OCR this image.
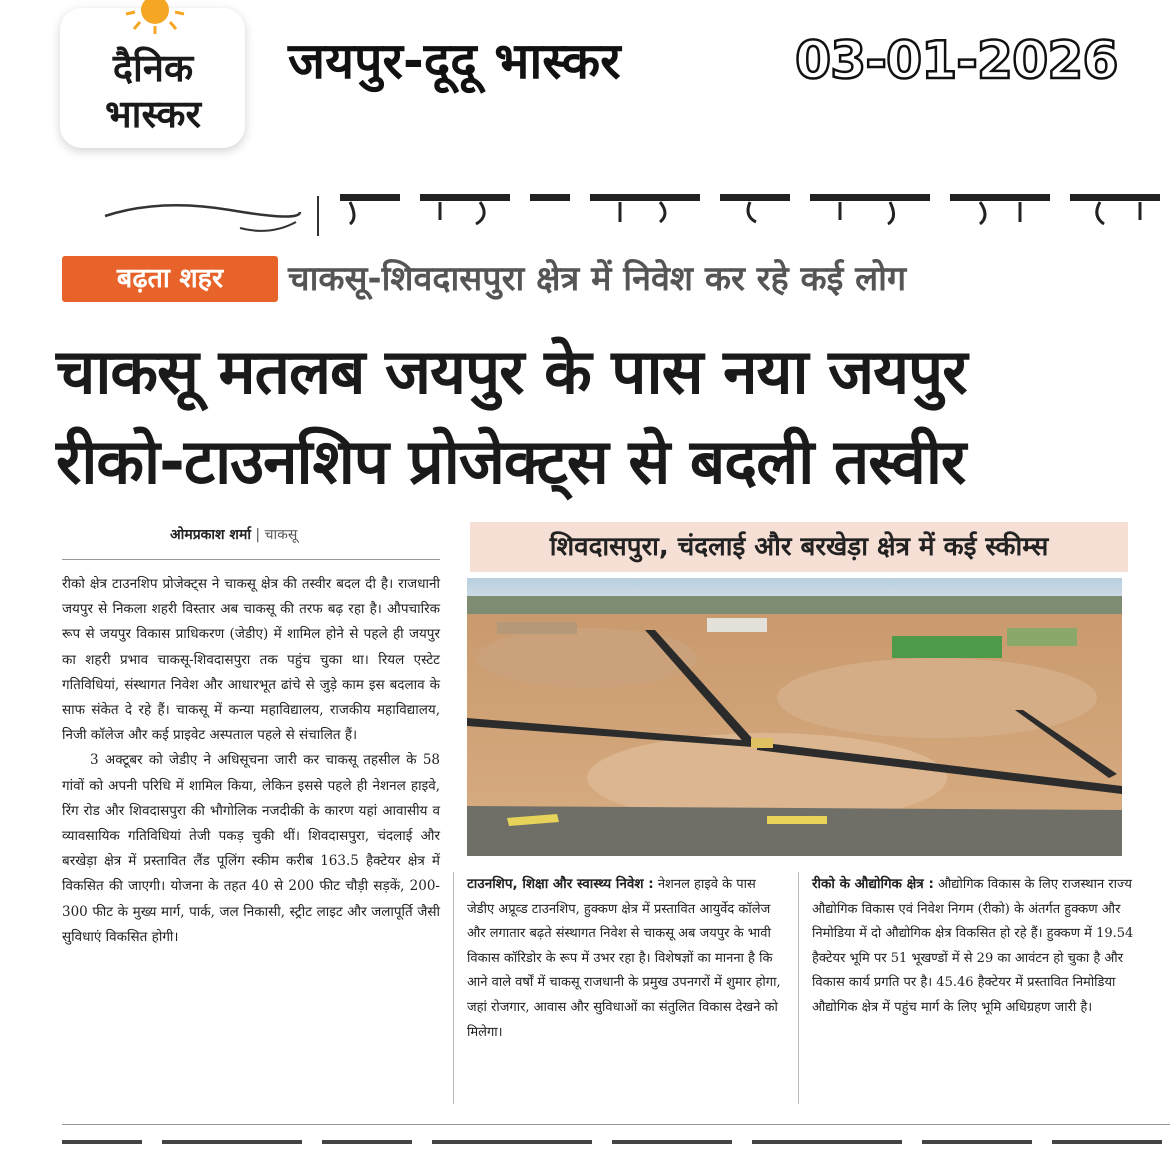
दैनिक
भास्कर
जयपुर-दूदू भास्कर	03-01-2026
बढ़ता शहर	चाकसू-शिवदासपुरा क्षेत्र में निवेश कर रहे कई लोग
चाकसू मतलब जयपुर के पास नया जयपुर
रीको-टाउनशिप प्रोजेक्ट्स से बदली तस्वीर
ओमप्रकाश शर्मा | चाकसू	शिवदासपुरा, चंदलाई और बरखेड़ा क्षेत्र में कई स्कीम्स

रीको क्षेत्र टाउनशिप प्रोजेक्ट्स ने चाकसू क्षेत्र की तस्वीर बदल दी है। राजधानी जयपुर से निकला शहरी विस्तार अब चाकसू की तरफ बढ़ रहा है। औपचारिक रूप से जयपुर विकास प्राधिकरण (जेडीए) में शामिल होने से पहले ही जयपुर का शहरी प्रभाव चाकसू-शिवदासपुरा तक पहुंच चुका था। रियल एस्टेट गतिविधियां, संस्थागत निवेश और आधारभूत ढांचे से जुड़े काम इस बदलाव के साफ संकेत दे रहे हैं। चाकसू में कन्या महाविद्यालय, राजकीय महाविद्यालय, निजी कॉलेज और कई प्राइवेट अस्पताल पहले से संचालित हैं।

3 अक्टूबर को जेडीए ने अधिसूचना जारी कर चाकसू तहसील के 58 गांवों को अपनी परिधि में शामिल किया, लेकिन इससे पहले ही नेशनल हाइवे, रिंग रोड और शिवदासपुरा की भौगोलिक नजदीकी के कारण यहां आवासीय व व्यावसायिक गतिविधियां तेजी पकड़ चुकी थीं। शिवदासपुरा, चंदलाई और बरखेड़ा क्षेत्र में प्रस्तावित लैंड पूलिंग स्कीम करीब 163.5 हैक्टेयर क्षेत्र में विकसित की जाएगी। योजना के तहत 40 से 200 फीट चौड़ी सड़कें, 200-300 फीट के मुख्य मार्ग, पार्क, जल निकासी, स्ट्रीट लाइट और जलापूर्ति जैसी सुविधाएं विकसित होगी।

टाउनशिप, शिक्षा और स्वास्थ्य निवेश : नेशनल हाइवे के पास जेडीए अप्रूव्ड टाउनशिप, हुक्कण क्षेत्र में प्रस्तावित आयुर्वेद कॉलेज और लगातार बढ़ते संस्थागत निवेश से चाकसू अब जयपुर के भावी विकास कॉरिडोर के रूप में उभर रहा है। विशेषज्ञों का मानना है कि आने वाले वर्षों में चाकसू राजधानी के प्रमुख उपनगरों में शुमार होगा, जहां रोजगार, आवास और सुविधाओं का संतुलित विकास देखने को मिलेगा।

रीको के औद्योगिक क्षेत्र : औद्योगिक विकास के लिए राजस्थान राज्य औद्योगिक विकास एवं निवेश निगम (रीको) के अंतर्गत हुक्कण और निमोडिया में दो औद्योगिक क्षेत्र विकसित हो रहे हैं। हुक्कण में 19.54 हैक्टेयर भूमि पर 51 भूखण्डों में से 29 का आवंटन हो चुका है और विकास कार्य प्रगति पर है। 45.46 हैक्टेयर में प्रस्तावित निमोडिया औद्योगिक क्षेत्र में पहुंच मार्ग के लिए भूमि अधिग्रहण जारी है।
